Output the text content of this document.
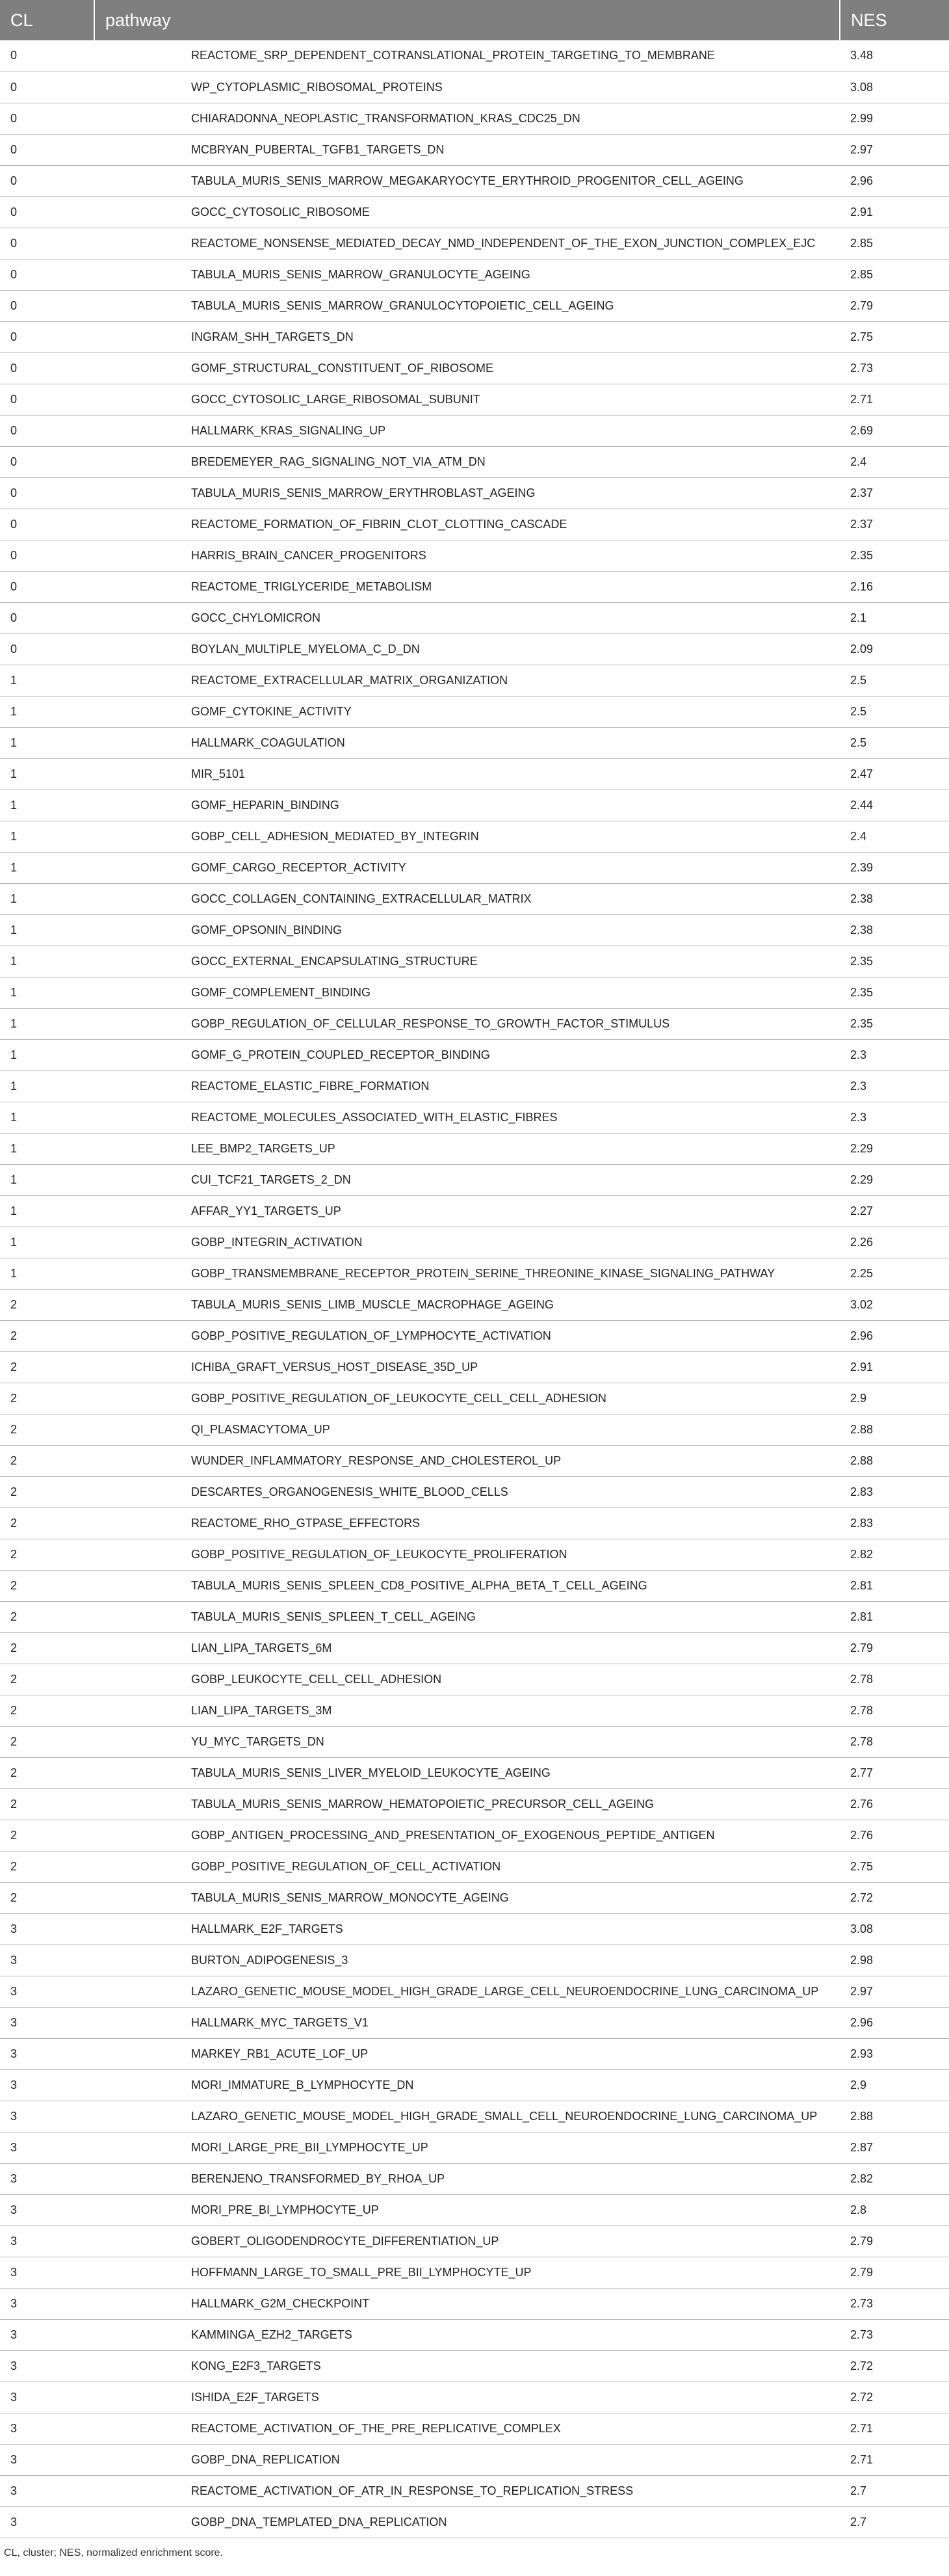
CL	pathway	NES
0	REACTOME_SRP_DEPENDENT_COTRANSLATIONAL_PROTEIN_TARGETING_TO_MEMBRANE	3.48
0	WP_CYTOPLASMIC_RIBOSOMAL_PROTEINS	3.08
0	CHIARADONNA_NEOPLASTIC_TRANSFORMATION_KRAS_CDC25_DN	2.99
0	MCBRYAN_PUBERTAL_TGFB1_TARGETS_DN	2.97
0	TABULA_MURIS_SENIS_MARROW_MEGAKARYOCYTE_ERYTHROID_PROGENITOR_CELL_AGEING	2.96
0	GOCC_CYTOSOLIC_RIBOSOME	2.91
0	REACTOME_NONSENSE_MEDIATED_DECAY_NMD_INDEPENDENT_OF_THE_EXON_JUNCTION_COMPLEX_EJC	2.85
0	TABULA_MURIS_SENIS_MARROW_GRANULOCYTE_AGEING	2.85
0	TABULA_MURIS_SENIS_MARROW_GRANULOCYTOPOIETIC_CELL_AGEING	2.79
0	INGRAM_SHH_TARGETS_DN	2.75
0	GOMF_STRUCTURAL_CONSTITUENT_OF_RIBOSOME	2.73
0	GOCC_CYTOSOLIC_LARGE_RIBOSOMAL_SUBUNIT	2.71
0	HALLMARK_KRAS_SIGNALING_UP	2.69
0	BREDEMEYER_RAG_SIGNALING_NOT_VIA_ATM_DN	2.4
0	TABULA_MURIS_SENIS_MARROW_ERYTHROBLAST_AGEING	2.37
0	REACTOME_FORMATION_OF_FIBRIN_CLOT_CLOTTING_CASCADE	2.37
0	HARRIS_BRAIN_CANCER_PROGENITORS	2.35
0	REACTOME_TRIGLYCERIDE_METABOLISM	2.16
0	GOCC_CHYLOMICRON	2.1
0	BOYLAN_MULTIPLE_MYELOMA_C_D_DN	2.09
1	REACTOME_EXTRACELLULAR_MATRIX_ORGANIZATION	2.5
1	GOMF_CYTOKINE_ACTIVITY	2.5
1	HALLMARK_COAGULATION	2.5
1	MIR_5101	2.47
1	GOMF_HEPARIN_BINDING	2.44
1	GOBP_CELL_ADHESION_MEDIATED_BY_INTEGRIN	2.4
1	GOMF_CARGO_RECEPTOR_ACTIVITY	2.39
1	GOCC_COLLAGEN_CONTAINING_EXTRACELLULAR_MATRIX	2.38
1	GOMF_OPSONIN_BINDING	2.38
1	GOCC_EXTERNAL_ENCAPSULATING_STRUCTURE	2.35
1	GOMF_COMPLEMENT_BINDING	2.35
1	GOBP_REGULATION_OF_CELLULAR_RESPONSE_TO_GROWTH_FACTOR_STIMULUS	2.35
1	GOMF_G_PROTEIN_COUPLED_RECEPTOR_BINDING	2.3
1	REACTOME_ELASTIC_FIBRE_FORMATION	2.3
1	REACTOME_MOLECULES_ASSOCIATED_WITH_ELASTIC_FIBRES	2.3
1	LEE_BMP2_TARGETS_UP	2.29
1	CUI_TCF21_TARGETS_2_DN	2.29
1	AFFAR_YY1_TARGETS_UP	2.27
1	GOBP_INTEGRIN_ACTIVATION	2.26
1	GOBP_TRANSMEMBRANE_RECEPTOR_PROTEIN_SERINE_THREONINE_KINASE_SIGNALING_PATHWAY	2.25
2	TABULA_MURIS_SENIS_LIMB_MUSCLE_MACROPHAGE_AGEING	3.02
2	GOBP_POSITIVE_REGULATION_OF_LYMPHOCYTE_ACTIVATION	2.96
2	ICHIBA_GRAFT_VERSUS_HOST_DISEASE_35D_UP	2.91
2	GOBP_POSITIVE_REGULATION_OF_LEUKOCYTE_CELL_CELL_ADHESION	2.9
2	QI_PLASMACYTOMA_UP	2.88
2	WUNDER_INFLAMMATORY_RESPONSE_AND_CHOLESTEROL_UP	2.88
2	DESCARTES_ORGANOGENESIS_WHITE_BLOOD_CELLS	2.83
2	REACTOME_RHO_GTPASE_EFFECTORS	2.83
2	GOBP_POSITIVE_REGULATION_OF_LEUKOCYTE_PROLIFERATION	2.82
2	TABULA_MURIS_SENIS_SPLEEN_CD8_POSITIVE_ALPHA_BETA_T_CELL_AGEING	2.81
2	TABULA_MURIS_SENIS_SPLEEN_T_CELL_AGEING	2.81
2	LIAN_LIPA_TARGETS_6M	2.79
2	GOBP_LEUKOCYTE_CELL_CELL_ADHESION	2.78
2	LIAN_LIPA_TARGETS_3M	2.78
2	YU_MYC_TARGETS_DN	2.78
2	TABULA_MURIS_SENIS_LIVER_MYELOID_LEUKOCYTE_AGEING	2.77
2	TABULA_MURIS_SENIS_MARROW_HEMATOPOIETIC_PRECURSOR_CELL_AGEING	2.76
2	GOBP_ANTIGEN_PROCESSING_AND_PRESENTATION_OF_EXOGENOUS_PEPTIDE_ANTIGEN	2.76
2	GOBP_POSITIVE_REGULATION_OF_CELL_ACTIVATION	2.75
2	TABULA_MURIS_SENIS_MARROW_MONOCYTE_AGEING	2.72
3	HALLMARK_E2F_TARGETS	3.08
3	BURTON_ADIPOGENESIS_3	2.98
3	LAZARO_GENETIC_MOUSE_MODEL_HIGH_GRADE_LARGE_CELL_NEUROENDOCRINE_LUNG_CARCINOMA_UP	2.97
3	HALLMARK_MYC_TARGETS_V1	2.96
3	MARKEY_RB1_ACUTE_LOF_UP	2.93
3	MORI_IMMATURE_B_LYMPHOCYTE_DN	2.9
3	LAZARO_GENETIC_MOUSE_MODEL_HIGH_GRADE_SMALL_CELL_NEUROENDOCRINE_LUNG_CARCINOMA_UP	2.88
3	MORI_LARGE_PRE_BII_LYMPHOCYTE_UP	2.87
3	BERENJENO_TRANSFORMED_BY_RHOA_UP	2.82
3	MORI_PRE_BI_LYMPHOCYTE_UP	2.8
3	GOBERT_OLIGODENDROCYTE_DIFFERENTIATION_UP	2.79
3	HOFFMANN_LARGE_TO_SMALL_PRE_BII_LYMPHOCYTE_UP	2.79
3	HALLMARK_G2M_CHECKPOINT	2.73
3	KAMMINGA_EZH2_TARGETS	2.73
3	KONG_E2F3_TARGETS	2.72
3	ISHIDA_E2F_TARGETS	2.72
3	REACTOME_ACTIVATION_OF_THE_PRE_REPLICATIVE_COMPLEX	2.71
3	GOBP_DNA_REPLICATION	2.71
3	REACTOME_ACTIVATION_OF_ATR_IN_RESPONSE_TO_REPLICATION_STRESS	2.7
3	GOBP_DNA_TEMPLATED_DNA_REPLICATION	2.7
CL, cluster; NES, normalized enrichment score.
